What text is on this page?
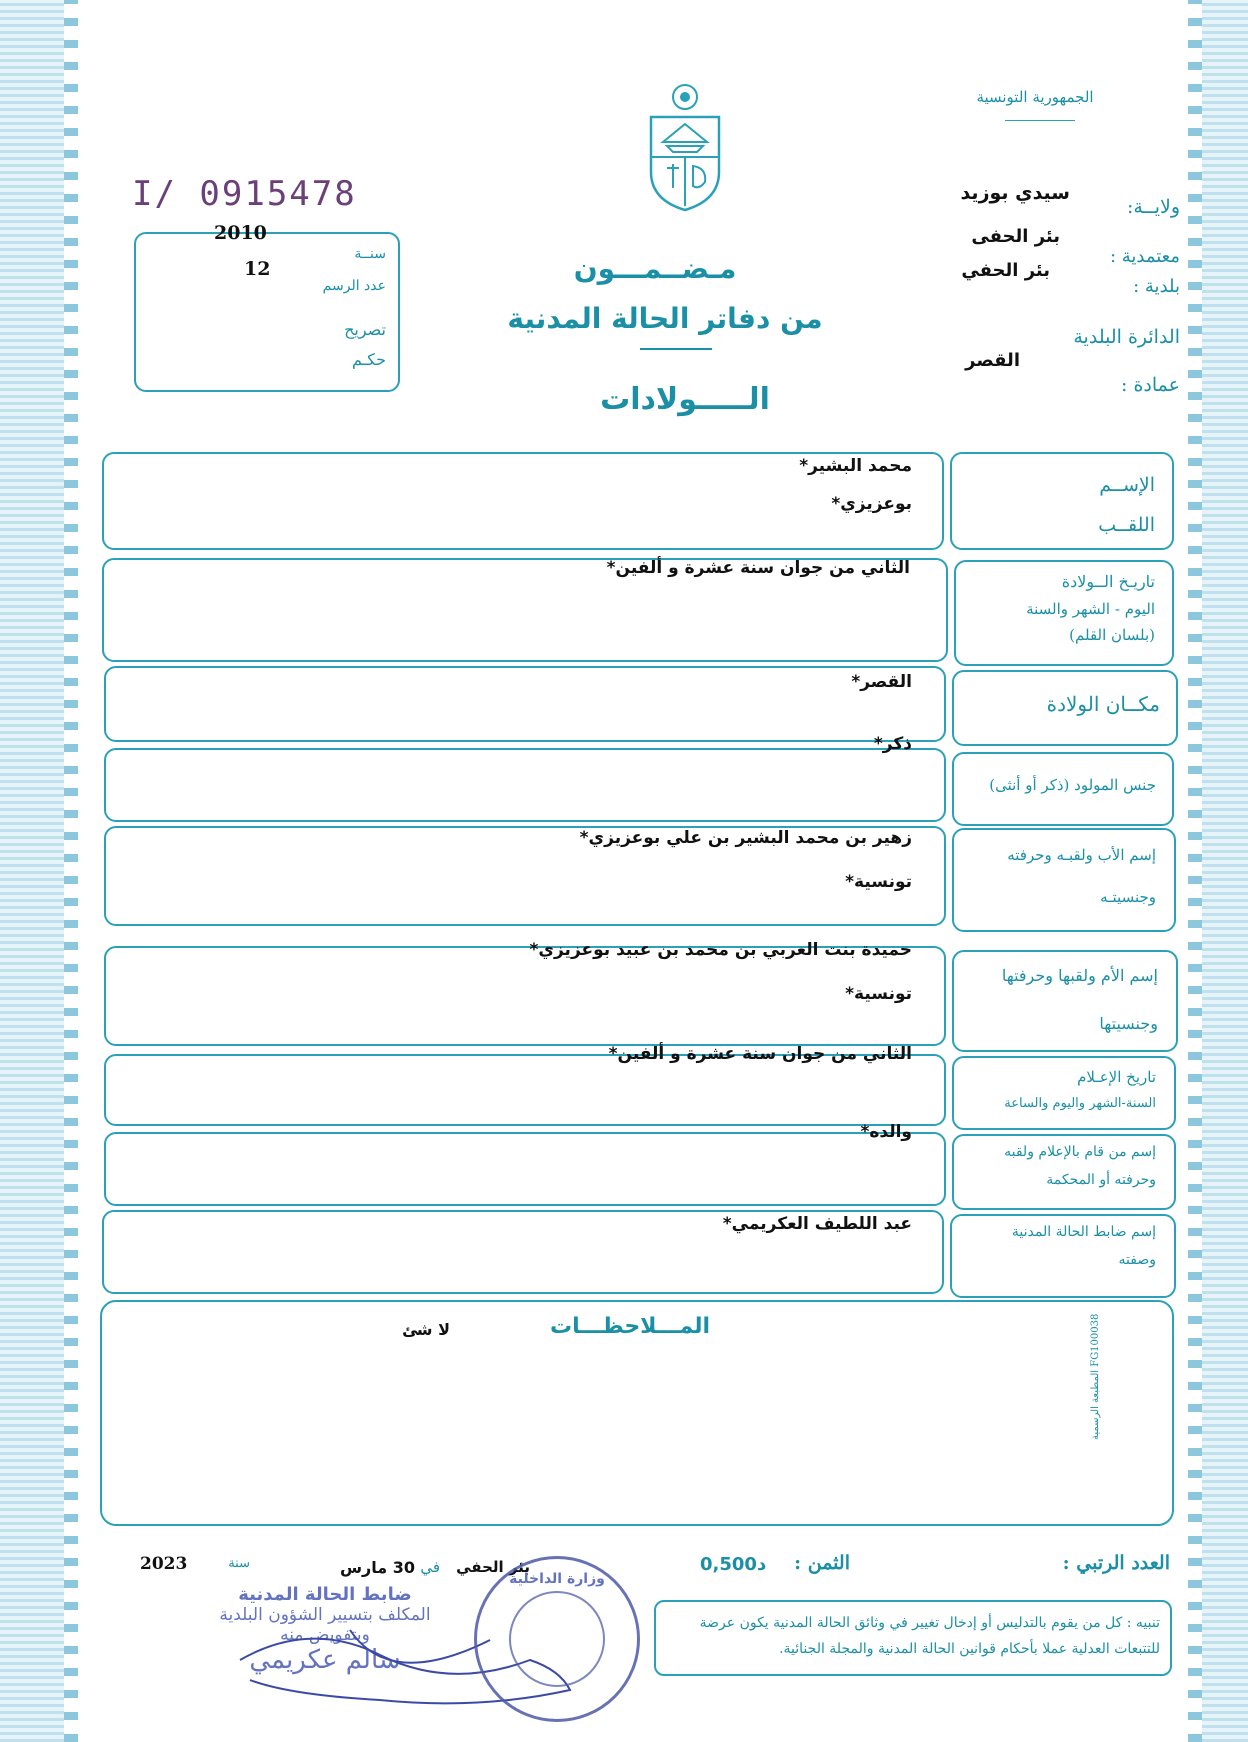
الجمهورية التونسية
ولايــة:
سيدي بوزيد
بئر الحفى
معتمدية :
بئر الحفي
بلدية :
الدائرة البلدية
القصر
عمادة :
I/ 0915478
2010
سنــة
12
عدد الرسم
تصريح
حكـم
مـضــمـــون
من دفاتر الحالة المدنية
الـــــولادات
محمد البشير*
بوعزيزي*
الإســم
اللقــب
الثاني من جوان سنة عشرة و ألفين*
تاريـخ الــولادة
اليوم - الشهر والسنة
(بلسان القلم)
القصر*
مكــان الولادة
ذكر*
جنس المولود (ذكر أو أنثى)
زهير بن محمد البشير بن علي بوعزيزي*
تونسية*
إسم الأب ولقبـه وحرفته
وجنسيتـه
حميدة بنت العربي بن محمد بن عبيد بوعزيزي*
تونسية*
إسم الأم ولقبها وحرفتها
وجنسيتها
الثاني من جوان سنة عشرة و ألفين*
تاريخ الإعـلام
السنة-الشهر واليوم والساعة
والده*
إسم من قام بالإعلام ولقبه
وحرفته أو المحكمة
عبد اللطيف العكريمي*	إسم ضابط الحالة المدنية
وصفته
المـــلاحظـــات
لا شئ
المطبعة الرسمية FG100038
العدد الرتبي :
الثمن :
0,500د
بئر الحفي
في
30 مارس
سنة
2023
تنبيه : كل من يقوم بالتدليس أو إدخال تغيير في وثائق الحالة المدنية يكون عرضة للتتبعات العدلية عملا بأحكام قوانين الحالة المدنية والمجلة الجنائية.
ضابط الحالة المدنية
المكلف بتسيير الشؤون البلدية
وبتفويض منه
سالم عكريمي
وزارة الداخلية
